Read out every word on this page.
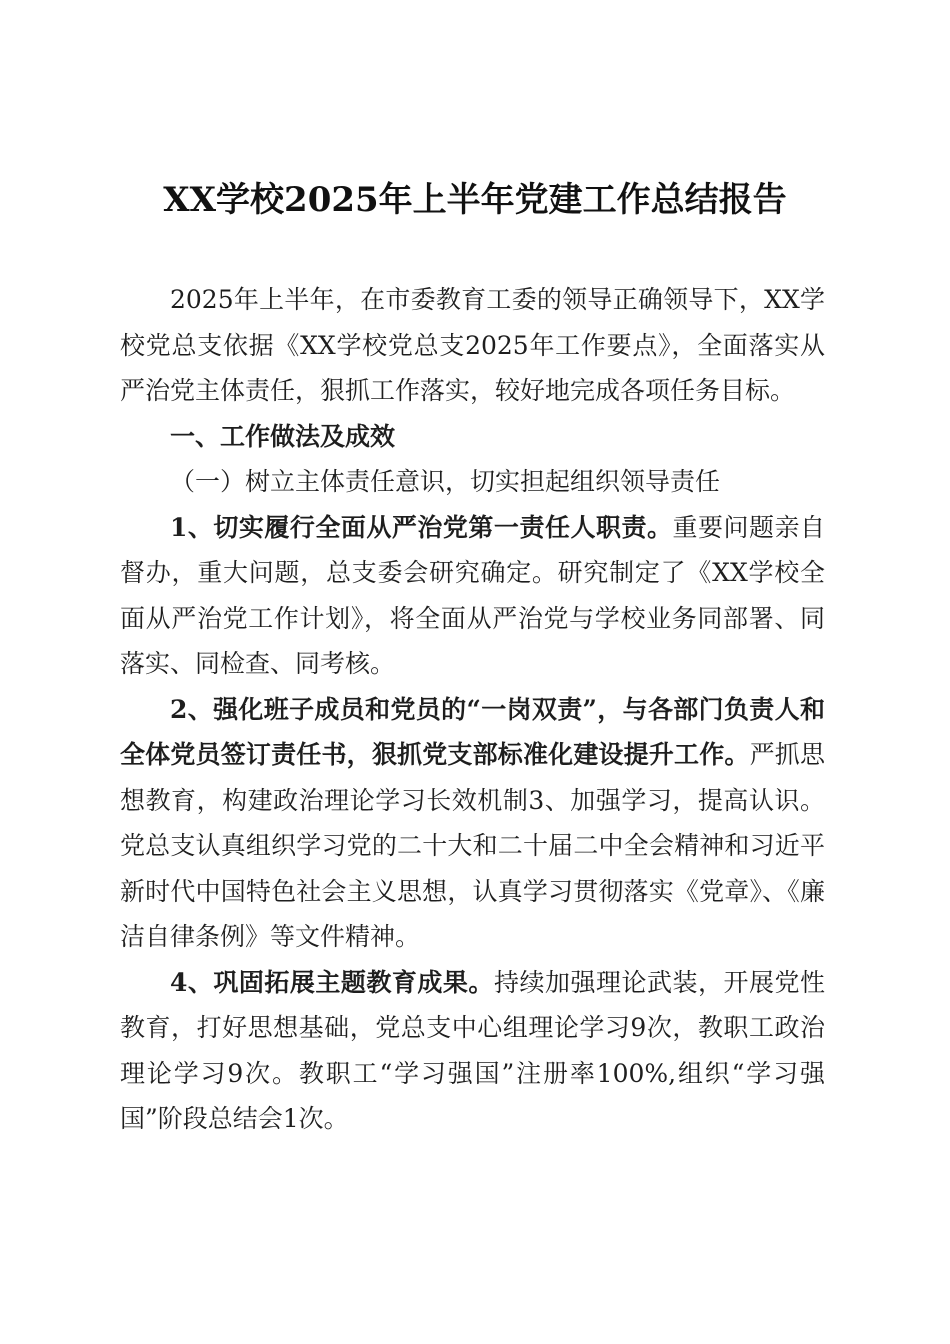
XX学校2025年上半年党建工作总结报告

2025年上半年，在市委教育工委的领导正确领导下，XX学校党总支依据《XX学校党总支2025年工作要点》，全面落实从严治党主体责任，狠抓工作落实，较好地完成各项任务目标。

一、工作做法及成效

（一）树立主体责任意识，切实担起组织领导责任

1、切实履行全面从严治党第一责任人职责。重要问题亲自督办，重大问题，总支委会研究确定。研究制定了《XX学校全面从严治党工作计划》，将全面从严治党与学校业务同部署、同落实、同检查、同考核。

2、强化班子成员和党员的“一岗双责”，与各部门负责人和全体党员签订责任书，狠抓党支部标准化建设提升工作。严抓思想教育，构建政治理论学习长效机制3、加强学习，提高认识。党总支认真组织学习党的二十大和二十届二中全会精神和习近平新时代中国特色社会主义思想，认真学习贯彻落实《党章》、《廉洁自律条例》等文件精神。

4、巩固拓展主题教育成果。持续加强理论武装，开展党性教育，打好思想基础，党总支中心组理论学习9次，教职工政治理论学习9次。教职工“学习强国”注册率100%,组织“学习强国”阶段总结会1次。
